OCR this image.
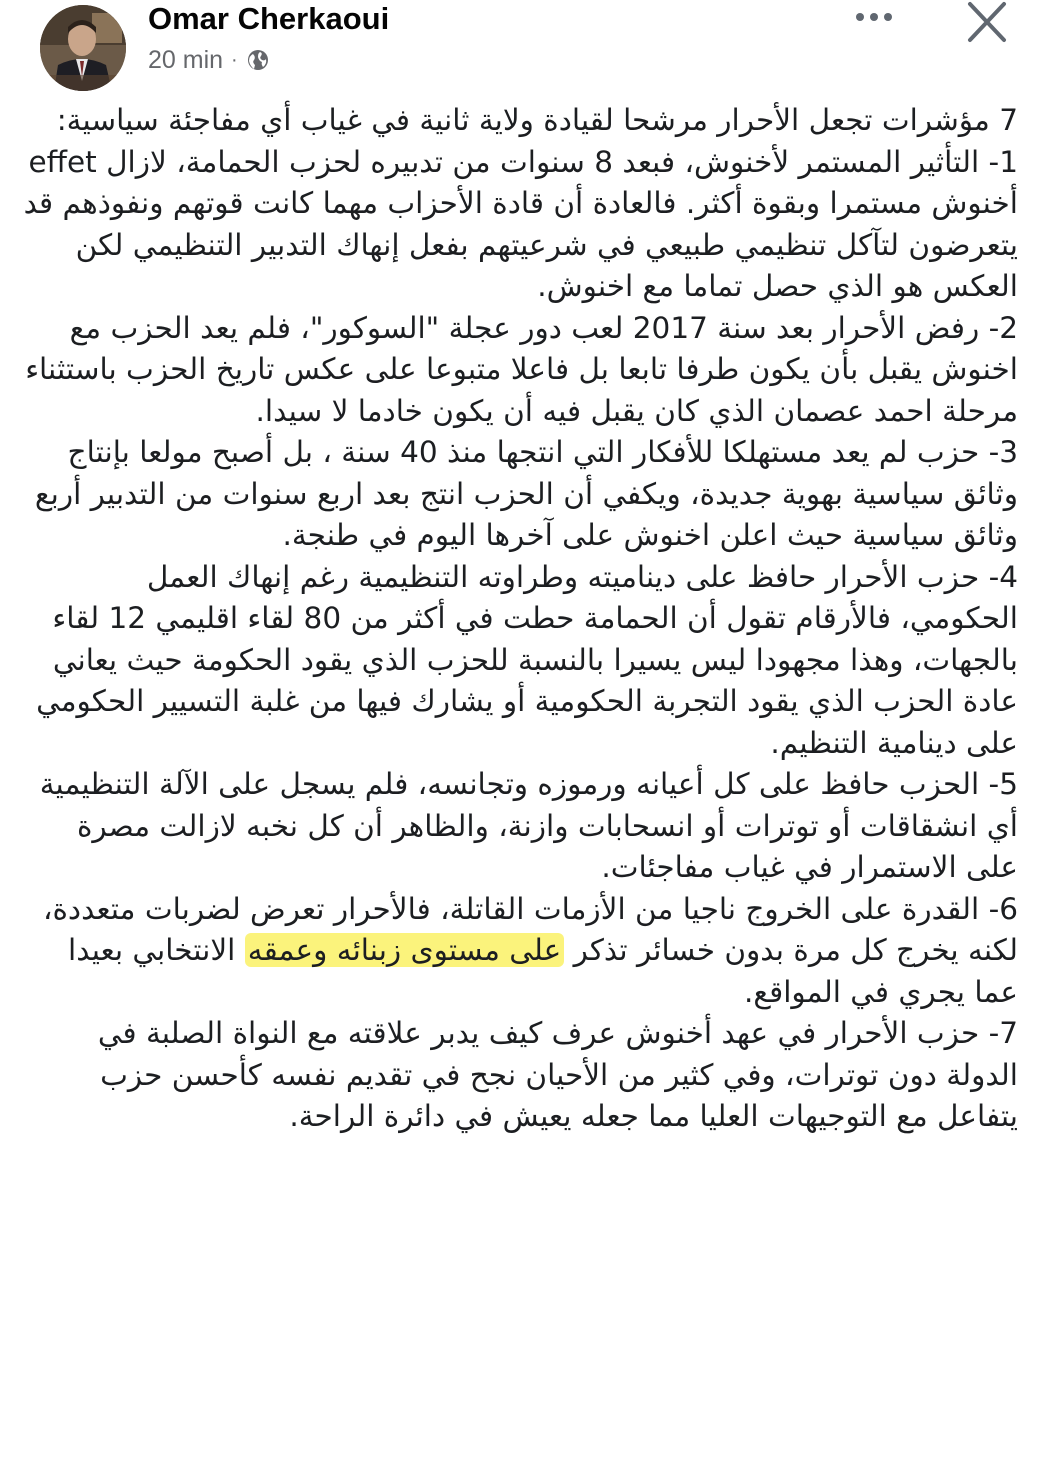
Omar Cherkaoui
20 min ·

7 مؤشرات تجعل الأحرار مرشحا لقيادة ولاية ثانية في غياب أي مفاجئة سياسية:

1- التأثير المستمر لأخنوش، فبعد 8 سنوات من تدبيره لحزب الحمامة، لازال effet أخنوش مستمرا وبقوة أكثر. فالعادة أن قادة الأحزاب مهما كانت قوتهم ونفوذهم قد يتعرضون لتآكل تنظيمي طبيعي في شرعيتهم بفعل إنهاك التدبير التنظيمي لكن العكس هو الذي حصل تماما مع اخنوش.

2- رفض الأحرار بعد سنة 2017 لعب دور عجلة "السوكور"، فلم يعد الحزب مع اخنوش يقبل بأن يكون طرفا تابعا بل فاعلا متبوعا على عكس تاريخ الحزب باستثناء مرحلة احمد عصمان الذي كان يقبل فيه أن يكون خادما لا سيدا.

3- حزب لم يعد مستهلكا للأفكار التي انتجها منذ 40 سنة ، بل أصبح مولعا بإنتاج وثائق سياسية بهوية جديدة، ويكفي أن الحزب انتج بعد اربع سنوات من التدبير أربع وثائق سياسية حيث اعلن اخنوش على آخرها اليوم في طنجة.

4- حزب الأحرار حافظ على ديناميته وطراوته التنظيمية رغم إنهاك العمل الحكومي، فالأرقام تقول أن الحمامة حطت في أكثر من 80 لقاء اقليمي 12 لقاء بالجهات، وهذا مجهودا ليس يسيرا بالنسبة للحزب الذي يقود الحكومة حيث يعاني عادة الحزب الذي يقود التجربة الحكومية أو يشارك فيها من غلبة التسيير الحكومي على دينامية التنظيم.

5- الحزب حافظ على كل أعيانه ورموزه وتجانسه، فلم يسجل على الآلة التنظيمية أي انشقاقات أو توترات أو انسحابات وازنة، والظاهر أن كل نخبه لازالت مصرة على الاستمرار في غياب مفاجئات.

6- القدرة على الخروج ناجيا من الأزمات القاتلة، فالأحرار تعرض لضربات متعددة، لكنه يخرج كل مرة بدون خسائر تذكر على مستوى زبنائه وعمقه الانتخابي بعيدا عما يجري في المواقع.

7- حزب الأحرار في عهد أخنوش عرف كيف يدبر علاقته مع النواة الصلبة في الدولة دون توترات، وفي كثير من الأحيان نجح في تقديم نفسه كأحسن حزب يتفاعل مع التوجيهات العليا مما جعله يعيش في دائرة الراحة.
